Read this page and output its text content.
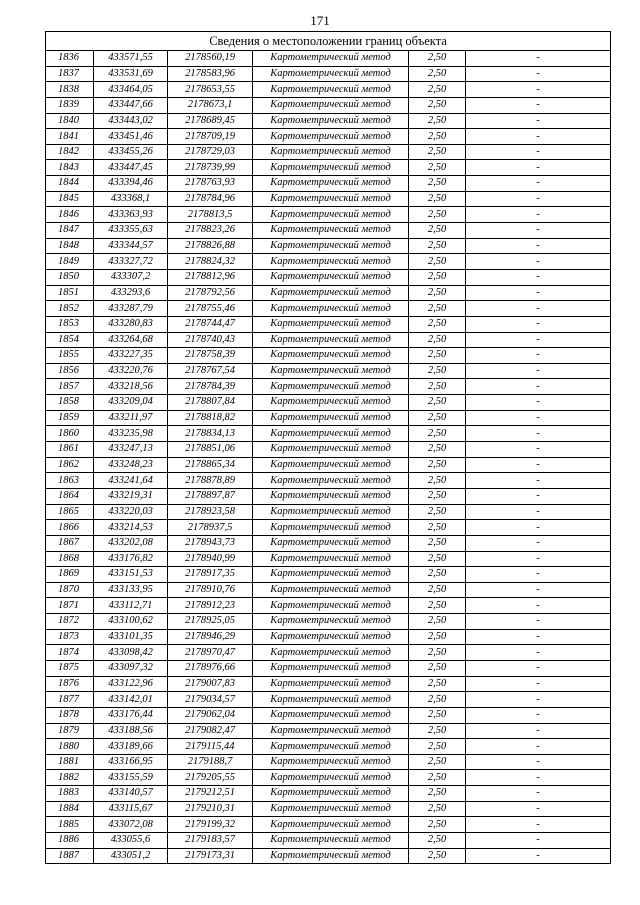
171
Сведения о местоположении границ объекта					
1836	433571,55	2178560,19	Картометрический метод	2,50	-
1837	433531,69	2178583,96	Картометрический метод	2,50	-
1838	433464,05	2178653,55	Картометрический метод	2,50	-
1839	433447,66	2178673,1	Картометрический метод	2,50	-
1840	433443,02	2178689,45	Картометрический метод	2,50	-
1841	433451,46	2178709,19	Картометрический метод	2,50	-
1842	433455,26	2178729,03	Картометрический метод	2,50	-
1843	433447,45	2178739,99	Картометрический метод	2,50	-
1844	433394,46	2178763,93	Картометрический метод	2,50	-
1845	433368,1	2178784,96	Картометрический метод	2,50	-
1846	433363,93	2178813,5	Картометрический метод	2,50	-
1847	433355,63	2178823,26	Картометрический метод	2,50	-
1848	433344,57	2178826,88	Картометрический метод	2,50	-
1849	433327,72	2178824,32	Картометрический метод	2,50	-
1850	433307,2	2178812,96	Картометрический метод	2,50	-
1851	433293,6	2178792,56	Картометрический метод	2,50	-
1852	433287,79	2178755,46	Картометрический метод	2,50	-
1853	433280,83	2178744,47	Картометрический метод	2,50	-
1854	433264,68	2178740,43	Картометрический метод	2,50	-
1855	433227,35	2178758,39	Картометрический метод	2,50	-
1856	433220,76	2178767,54	Картометрический метод	2,50	-
1857	433218,56	2178784,39	Картометрический метод	2,50	-
1858	433209,04	2178807,84	Картометрический метод	2,50	-
1859	433211,97	2178818,82	Картометрический метод	2,50	-
1860	433235,98	2178834,13	Картометрический метод	2,50	-
1861	433247,13	2178851,06	Картометрический метод	2,50	-
1862	433248,23	2178865,34	Картометрический метод	2,50	-
1863	433241,64	2178878,89	Картометрический метод	2,50	-
1864	433219,31	2178897,87	Картометрический метод	2,50	-
1865	433220,03	2178923,58	Картометрический метод	2,50	-
1866	433214,53	2178937,5	Картометрический метод	2,50	-
1867	433202,08	2178943,73	Картометрический метод	2,50	-
1868	433176,82	2178940,99	Картометрический метод	2,50	-
1869	433151,53	2178917,35	Картометрический метод	2,50	-
1870	433133,95	2178910,76	Картометрический метод	2,50	-
1871	433112,71	2178912,23	Картометрический метод	2,50	-
1872	433100,62	2178925,05	Картометрический метод	2,50	-
1873	433101,35	2178946,29	Картометрический метод	2,50	-
1874	433098,42	2178970,47	Картометрический метод	2,50	-
1875	433097,32	2178976,66	Картометрический метод	2,50	-
1876	433122,96	2179007,83	Картометрический метод	2,50	-
1877	433142,01	2179034,57	Картометрический метод	2,50	-
1878	433176,44	2179062,04	Картометрический метод	2,50	-
1879	433188,56	2179082,47	Картометрический метод	2,50	-
1880	433189,66	2179115,44	Картометрический метод	2,50	-
1881	433166,95	2179188,7	Картометрический метод	2,50	-
1882	433155,59	2179205,55	Картометрический метод	2,50	-
1883	433140,57	2179212,51	Картометрический метод	2,50	-
1884	433115,67	2179210,31	Картометрический метод	2,50	-
1885	433072,08	2179199,32	Картометрический метод	2,50	-
1886	433055,6	2179183,57	Картометрический метод	2,50	-
1887	433051,2	2179173,31	Картометрический метод	2,50	-
